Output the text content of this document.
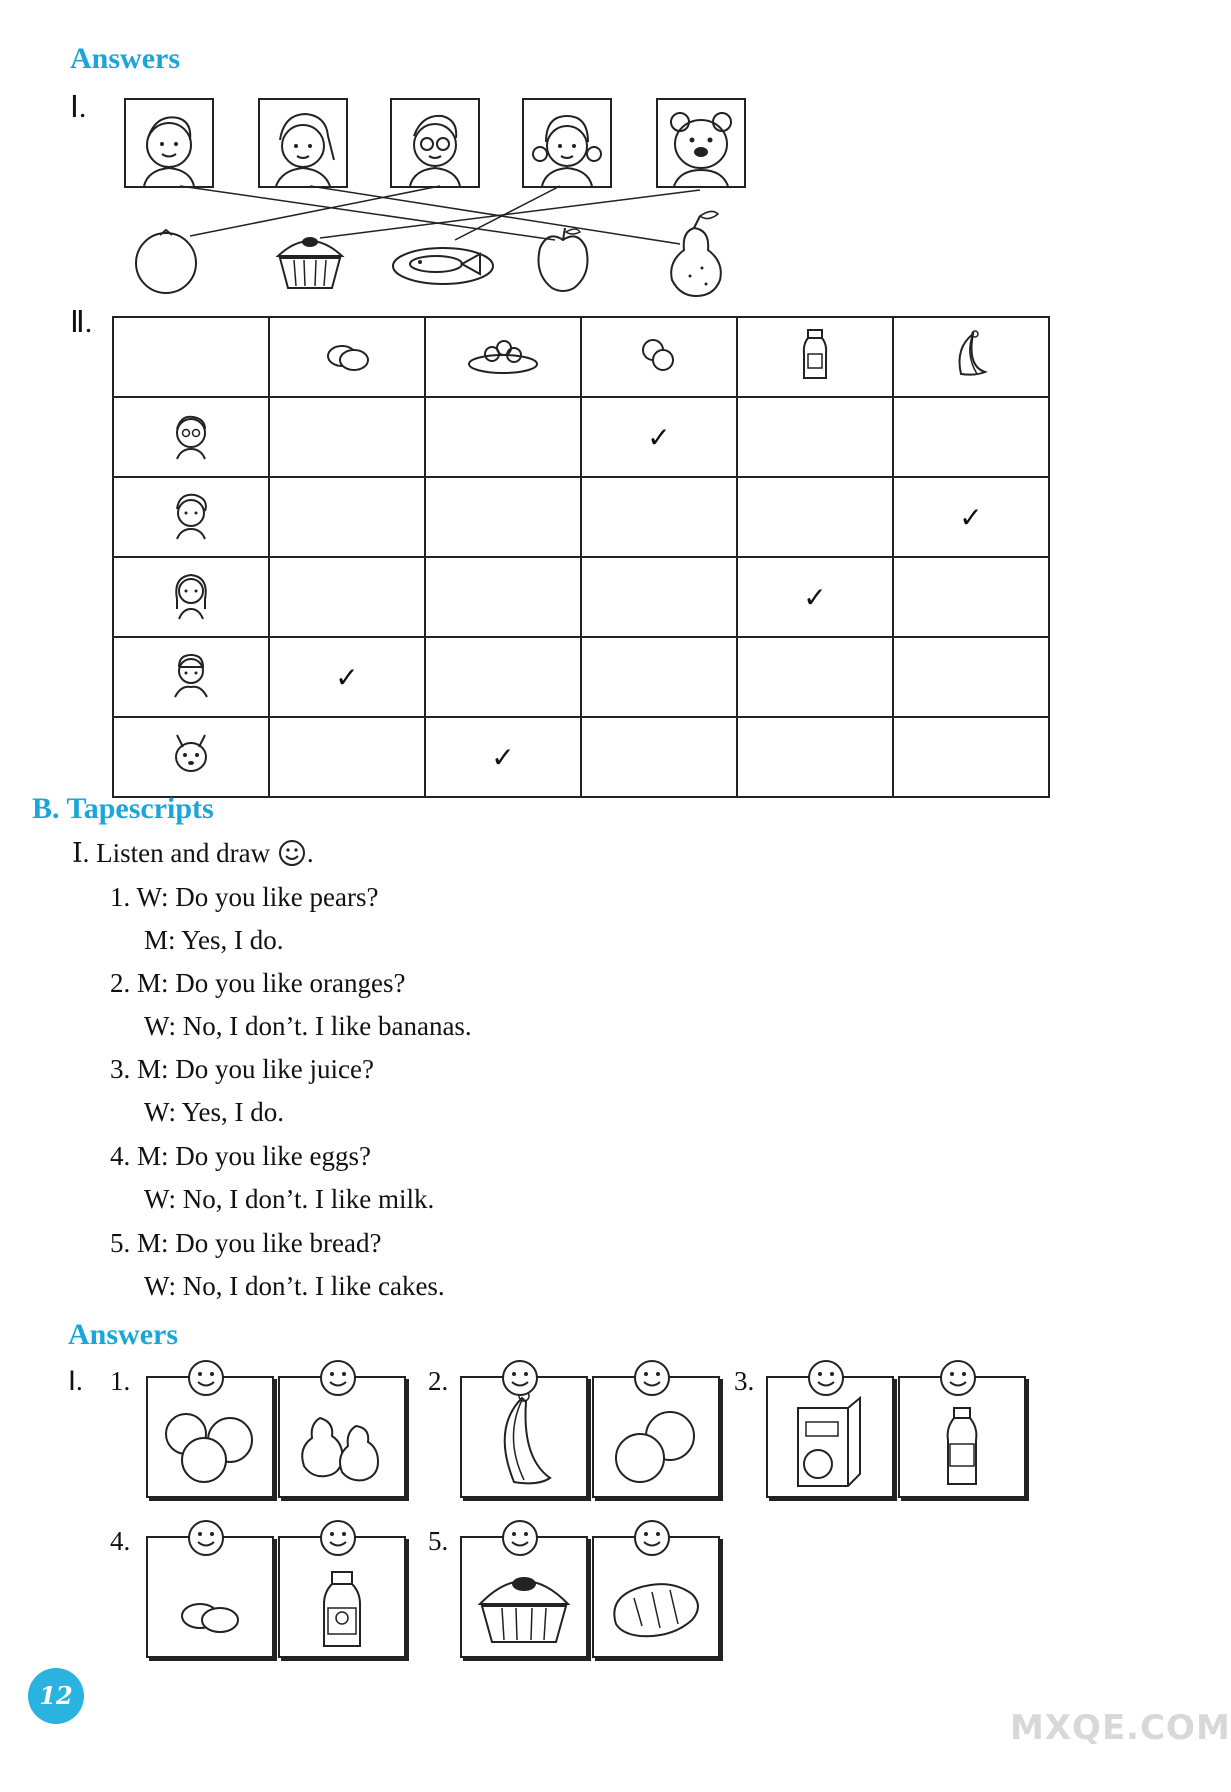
Answers
Ⅰ.
Ⅱ.

			✓		
					✓
				✓	
	✓				
		✓			
B. Tapescripts
Ⅰ. Listen and draw .
1. W: Do you like pears?
M: Yes, I do.
2. M: Do you like oranges?
W: No, I don’t. I like bananas.
3. M: Do you like juice?
W: Yes, I do.
4. M: Do you like eggs?
W: No, I don’t. I like milk.
5. M: Do you like bread?
W: No, I don’t. I like cakes.
Answers
Ⅰ. 1.	2.	3.
4.	5.
12
MXQE.COM
